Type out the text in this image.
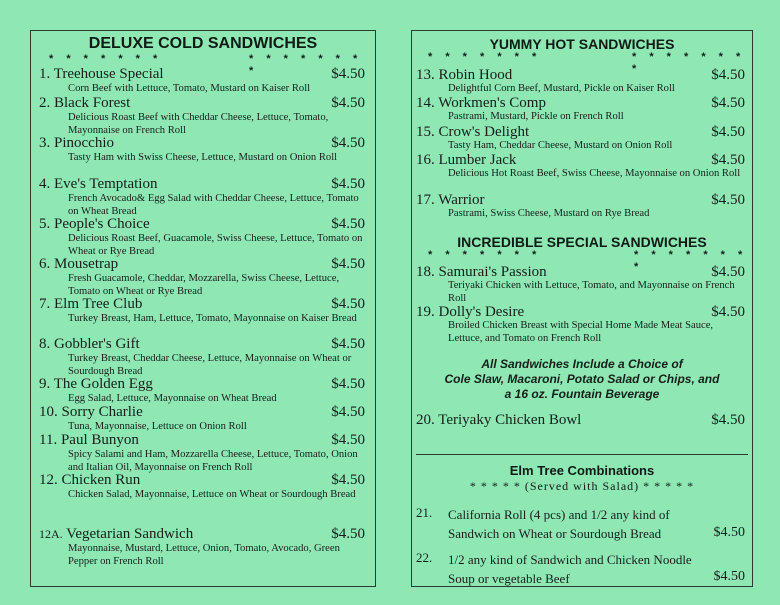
DELUXE COLD SANDWICHES
* * * * * * *	* * * * * * * *
1. Treehouse Special	$4.50
Corn Beef with Lettuce, Tomato, Mustard on Kaiser Roll
2. Black Forest	$4.50
Delicious Roast Beef with Cheddar Cheese, Lettuce, Tomato, Mayonnaise on French Roll
3. Pinocchio	$4.50
Tasty Ham with Swiss Cheese, Lettuce, Mustard on Onion Roll
4. Eve's Temptation	$4.50
French Avocado& Egg Salad with Cheddar Cheese, Lettuce, Tomato on Wheat Bread
5. People's Choice	$4.50
Delicious Roast Beef, Guacamole, Swiss Cheese, Lettuce, Tomato on Wheat or Rye Bread
6. Mousetrap	$4.50
Fresh Guacamole, Cheddar, Mozzarella, Swiss Cheese, Lettuce, Tomato on Wheat or Rye Bread
7. Elm Tree Club	$4.50
Turkey Breast, Ham, Lettuce, Tomato, Mayonnaise on Kaiser Bread
8. Gobbler's Gift	$4.50
Turkey Breast, Cheddar Cheese, Lettuce, Mayonnaise on Wheat or Sourdough Bread
9. The Golden Egg	$4.50
Egg Salad, Lettuce, Mayonnaise on Wheat Bread
10. Sorry Charlie	$4.50
Tuna, Mayonnaise, Lettuce on Onion Roll
11. Paul Bunyon	$4.50
Spicy Salami and Ham, Mozzarella Cheese, Lettuce, Tomato, Onion and Italian Oil, Mayonnaise on French Roll
12. Chicken Run	$4.50
Chicken Salad, Mayonnaise, Lettuce on Wheat or Sourdough Bread
12A. Vegetarian Sandwich	$4.50
Mayonnaise, Mustard, Lettuce, Onion, Tomato, Avocado, Green Pepper on French Roll
YUMMY HOT SANDWICHES
* * * * * * *	* * * * * * * *
13. Robin Hood	$4.50
Delightful Corn Beef, Mustard, Pickle on Kaiser Roll
14. Workmen's Comp	$4.50
Pastrami, Mustard, Pickle on French Roll
15. Crow's Delight	$4.50
Tasty Ham, Cheddar Cheese, Mustard on Onion Roll
16. Lumber Jack	$4.50
Delicious Hot Roast Beef, Swiss Cheese, Mayonnaise on Onion Roll
17. Warrior	$4.50
Pastrami, Swiss Cheese, Mustard on Rye Bread
INCREDIBLE SPECIAL SANDWICHES
* * * * * * *	* * * * * * * *
18. Samurai's Passion	$4.50
Teriyaki Chicken with Lettuce, Tomato, and Mayonnaise on French Roll
19. Dolly's Desire	$4.50
Broiled Chicken Breast with Special Home Made Meat Sauce, Lettuce, and Tomato on French Roll
All Sandwiches Include a Choice of
Cole Slaw, Macaroni, Potato Salad or Chips, and
a 16 oz. Fountain Beverage
20. Teriyaky Chicken Bowl	$4.50
Elm Tree Combinations
* * * * * (Served with Salad) * * * * *
21. California Roll (4 pcs) and 1/2 any kind of
Sandwich on Wheat or Sourdough Bread	$4.50
22. 1/2 any kind of Sandwich and Chicken Noodle
Soup or vegetable Beef	$4.50
